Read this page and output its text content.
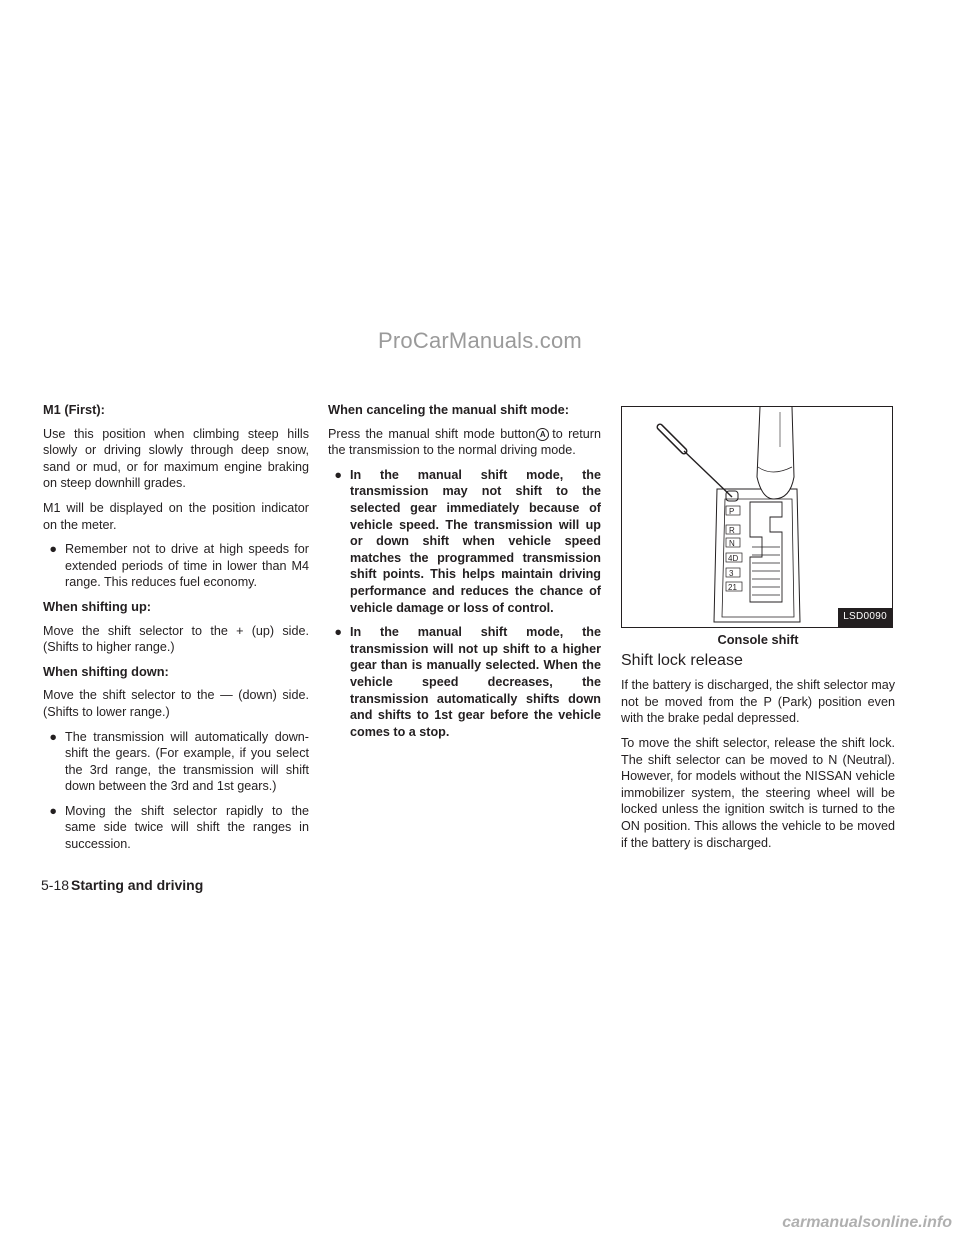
ProCarManuals.com
M1 (First):

Use this position when climbing steep hills slowly or driving slowly through deep snow, sand or mud, or for maximum engine braking on steep downhill grades.

M1 will be displayed on the position indicator on the meter.

● Remember not to drive at high speeds for extended periods of time in lower than M4 range. This reduces fuel economy.
When shifting up:

Move the shift selector to the + (up) side. (Shifts to higher range.)

When shifting down:

Move the shift selector to the — (down) side. (Shifts to lower range.)

● The transmission will automatically down-shift the gears. (For example, if you select the 3rd range, the transmission will shift down between the 3rd and 1st gears.)
● Moving the shift selector rapidly to the same side twice will shift the ranges in succession.
When canceling the manual shift mode:

Press the manual shift mode button A to return the transmission to the normal driving mode.

● In the manual shift mode, the transmission may not shift to the selected gear immediately because of vehicle speed. The transmission will up or down shift when vehicle speed matches the programmed transmission shift points. This helps maintain driving performance and reduces the chance of vehicle damage or loss of control.
● In the manual shift mode, the transmission will not up shift to a higher gear than is manually selected. When the vehicle speed decreases, the transmission automatically shifts down and shifts to 1st gear before the vehicle comes to a stop.
P
R
N
4D
3
21
LSD0090
Console shift
Shift lock release

If the battery is discharged, the shift selector may not be moved from the P (Park) position even with the brake pedal depressed.

To move the shift selector, release the shift lock. The shift selector can be moved to N (Neutral). However, for models without the NISSAN vehicle immobilizer system, the steering wheel will be locked unless the ignition switch is turned to the ON position. This allows the vehicle to be moved if the battery is discharged.

5-18 Starting and driving
carmanualsonline.info
